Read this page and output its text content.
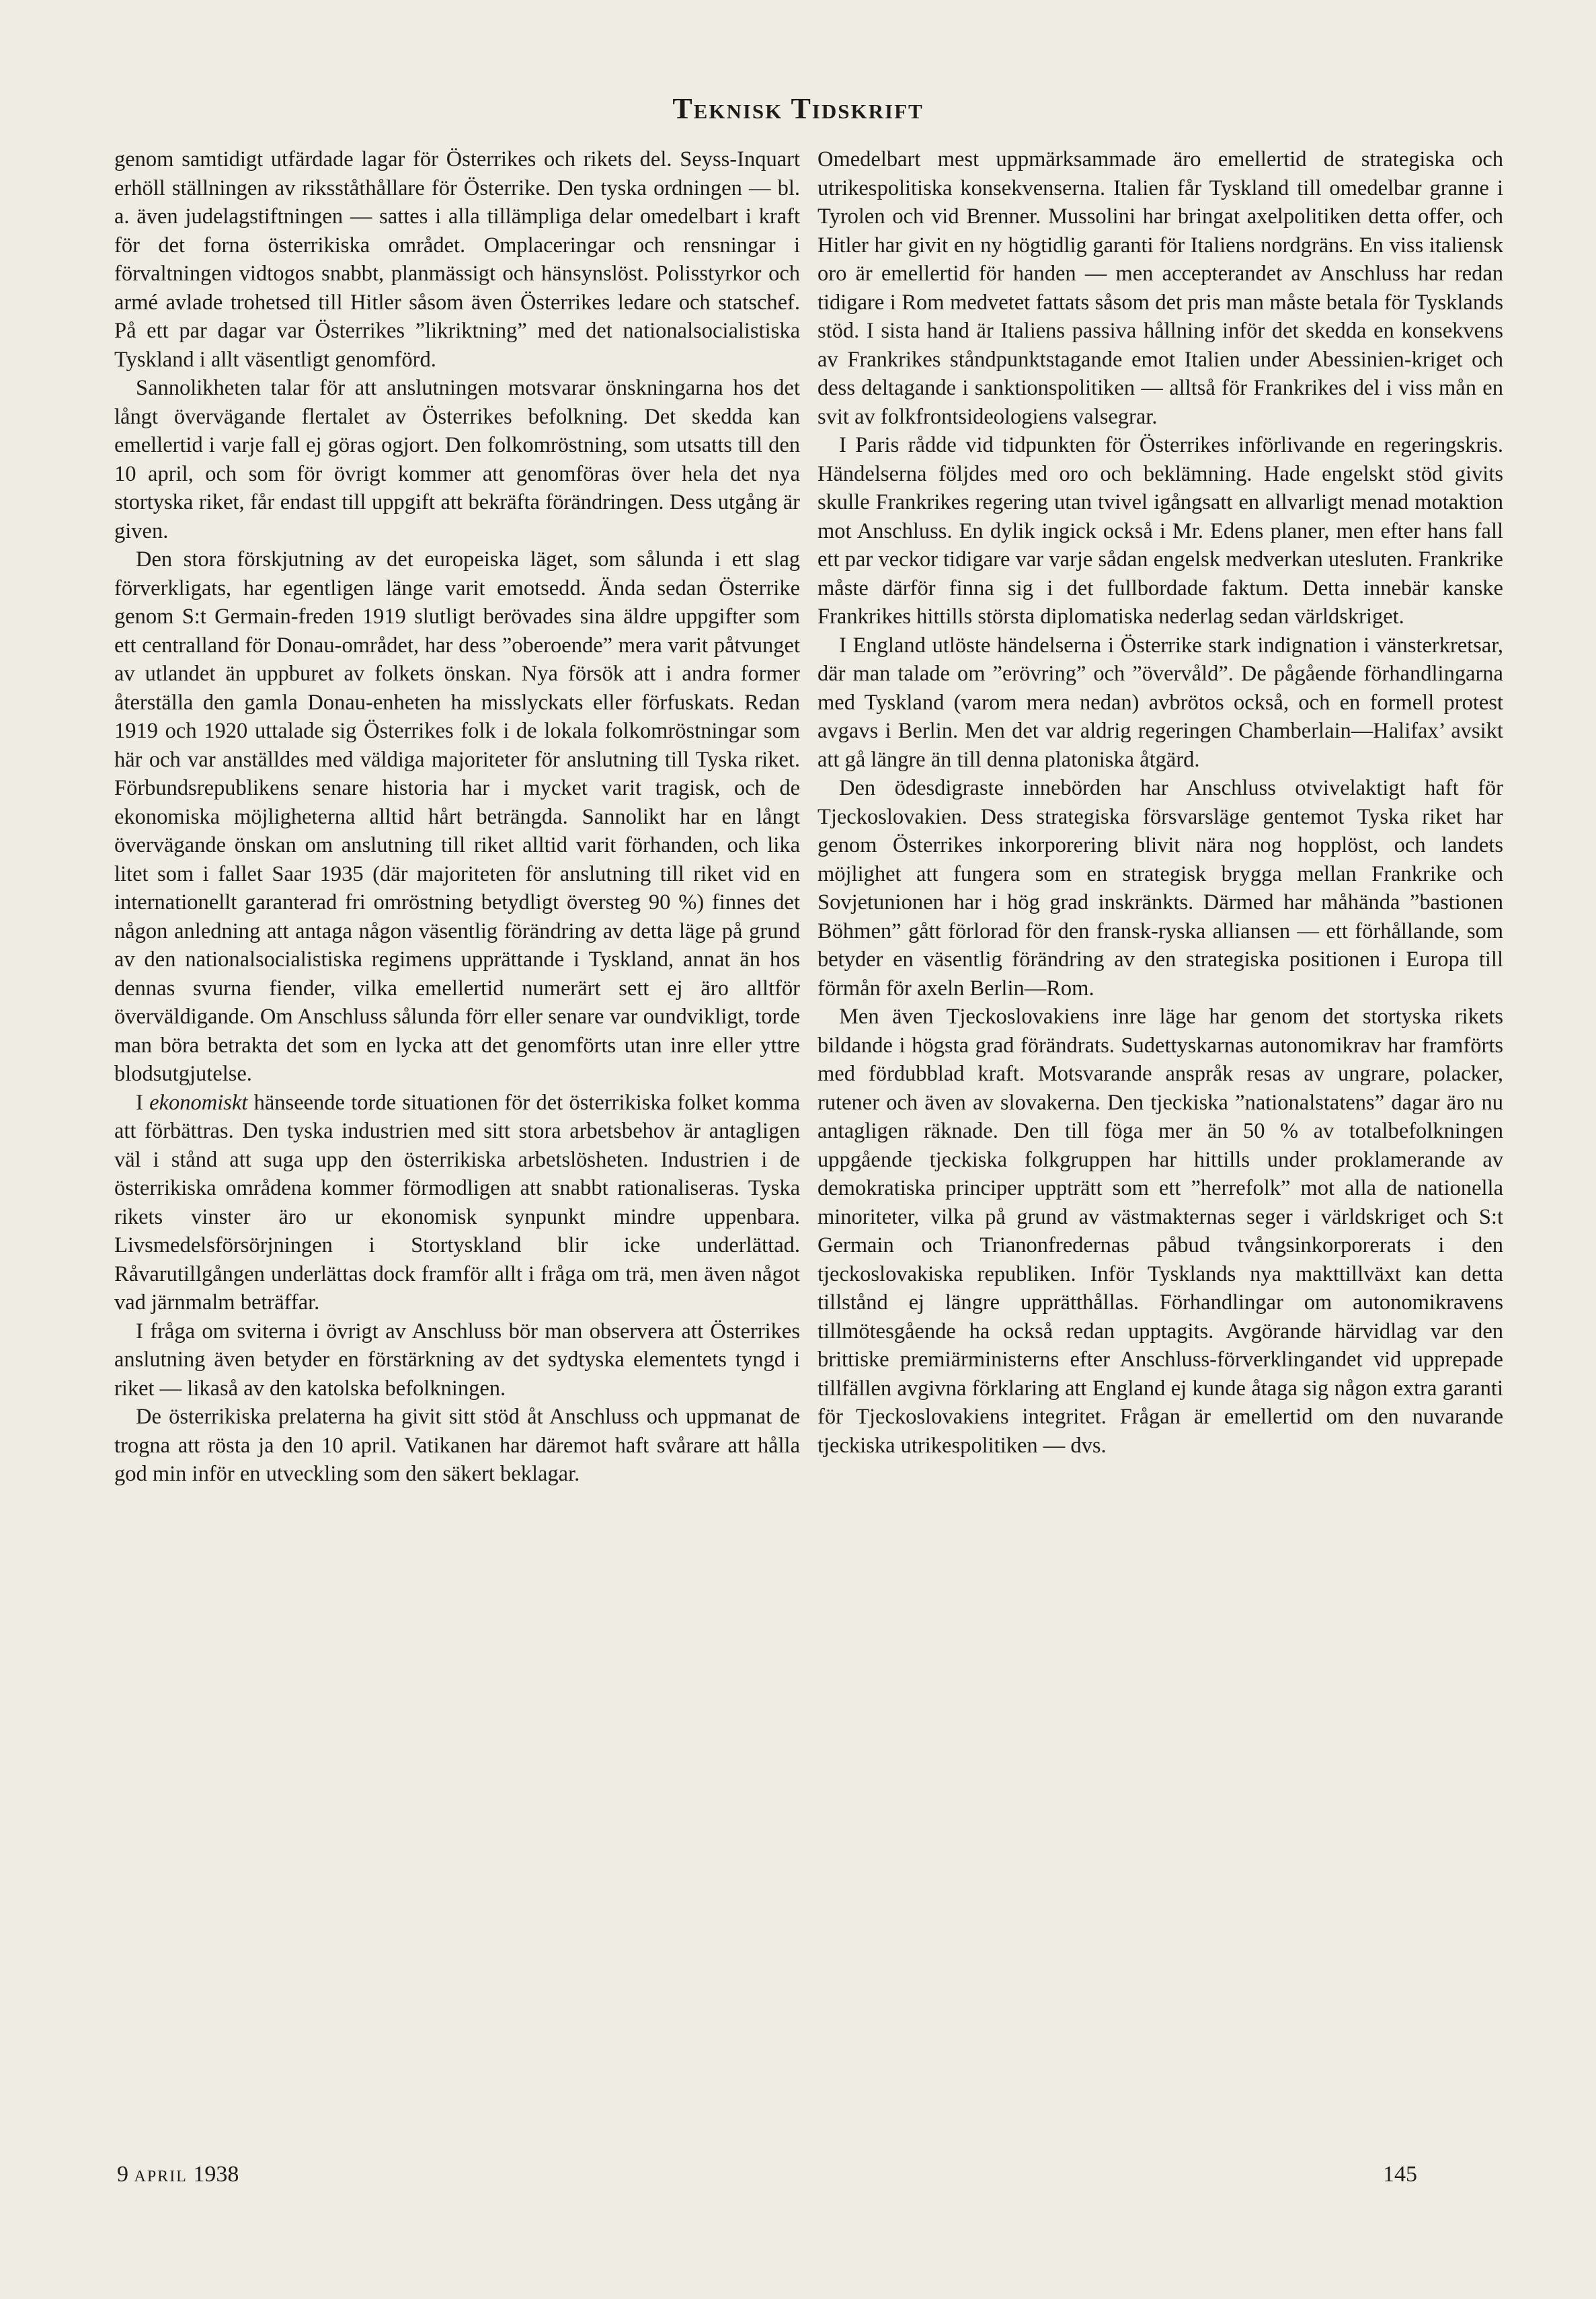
Teknisk Tidskrift

genom samtidigt utfärdade lagar för Österrikes och rikets del. Seyss-Inquart erhöll ställningen av riksståthållare för Österrike. Den tyska ordningen — bl. a. även judelagstiftningen — sattes i alla tillämpliga delar omedelbart i kraft för det forna österrikiska området. Omplaceringar och rensningar i förvaltningen vidtogos snabbt, planmässigt och hänsynslöst. Polisstyrkor och armé avlade trohetsed till Hitler såsom även Österrikes ledare och statschef. På ett par dagar var Österrikes ”likriktning” med det nationalsocialistiska Tyskland i allt väsentligt genomförd.

Sannolikheten talar för att anslutningen motsvarar önskningarna hos det långt övervägande flertalet av Österrikes befolkning. Det skedda kan emellertid i varje fall ej göras ogjort. Den folkomröstning, som utsatts till den 10 april, och som för övrigt kommer att genomföras över hela det nya stortyska riket, får endast till uppgift att bekräfta förändringen. Dess utgång är given.

Den stora förskjutning av det europeiska läget, som sålunda i ett slag förverkligats, har egentligen länge varit emotsedd. Ända sedan Österrike genom S:t Germain-freden 1919 slutligt berövades sina äldre uppgifter som ett centralland för Donau-området, har dess ”oberoende” mera varit påtvunget av utlandet än uppburet av folkets önskan. Nya försök att i andra former återställa den gamla Donau-enheten ha misslyckats eller förfuskats. Redan 1919 och 1920 uttalade sig Österrikes folk i de lokala folkomröstningar som här och var anställdes med väldiga majoriteter för anslutning till Tyska riket. Förbundsrepublikens senare historia har i mycket varit tragisk, och de ekonomiska möjligheterna alltid hårt beträngda. Sannolikt har en långt övervägande önskan om anslutning till riket alltid varit förhanden, och lika litet som i fallet Saar 1935 (där majoriteten för anslutning till riket vid en internationellt garanterad fri omröstning betydligt översteg 90 %) finnes det någon anledning att antaga någon väsentlig förändring av detta läge på grund av den nationalsocialistiska regimens upprättande i Tyskland, annat än hos dennas svurna fiender, vilka emellertid numerärt sett ej äro alltför överväldigande. Om Anschluss sålunda förr eller senare var oundvikligt, torde man böra betrakta det som en lycka att det genomförts utan inre eller yttre blodsutgjutelse.

I ekonomiskt hänseende torde situationen för det österrikiska folket komma att förbättras. Den tyska industrien med sitt stora arbetsbehov är antagligen väl i stånd att suga upp den österrikiska arbetslösheten. Industrien i de österrikiska områdena kommer förmodligen att snabbt rationaliseras. Tyska rikets vinster äro ur ekonomisk synpunkt mindre uppenbara. Livsmedelsförsörjningen i Stortyskland blir icke underlättad. Råvarutillgången underlättas dock framför allt i fråga om trä, men även något vad järnmalm beträffar.

I fråga om sviterna i övrigt av Anschluss bör man observera att Österrikes anslutning även betyder en förstärkning av det sydtyska elementets tyngd i riket — likaså av den katolska befolkningen.

De österrikiska prelaterna ha givit sitt stöd åt Anschluss och uppmanat de trogna att rösta ja den 10 april. Vatikanen har däremot haft svårare att hålla god min inför en utveckling som den säkert beklagar.

Omedelbart mest uppmärksammade äro emellertid de strategiska och utrikespolitiska konsekvenserna. Italien får Tyskland till omedelbar granne i Tyrolen och vid Brenner. Mussolini har bringat axelpolitiken detta offer, och Hitler har givit en ny högtidlig garanti för Italiens nordgräns. En viss italiensk oro är emellertid för handen — men accepterandet av Anschluss har redan tidigare i Rom medvetet fattats såsom det pris man måste betala för Tysklands stöd. I sista hand är Italiens passiva hållning inför det skedda en konsekvens av Frankrikes ståndpunktstagande emot Italien under Abessinien-kriget och dess deltagande i sanktionspolitiken — alltså för Frankrikes del i viss mån en svit av folkfrontsideologiens valsegrar.

I Paris rådde vid tidpunkten för Österrikes införlivande en regeringskris. Händelserna följdes med oro och beklämning. Hade engelskt stöd givits skulle Frankrikes regering utan tvivel igångsatt en allvarligt menad motaktion mot Anschluss. En dylik ingick också i Mr. Edens planer, men efter hans fall ett par veckor tidigare var varje sådan engelsk medverkan utesluten. Frankrike måste därför finna sig i det fullbordade faktum. Detta innebär kanske Frankrikes hittills största diplomatiska nederlag sedan världskriget.

I England utlöste händelserna i Österrike stark indignation i vänsterkretsar, där man talade om ”erövring” och ”övervåld”. De pågående förhandlingarna med Tyskland (varom mera nedan) avbrötos också, och en formell protest avgavs i Berlin. Men det var aldrig regeringen Chamberlain—Halifax’ avsikt att gå längre än till denna platoniska åtgärd.

Den ödesdigraste innebörden har Anschluss otvivelaktigt haft för Tjeckoslovakien. Dess strategiska försvarsläge gentemot Tyska riket har genom Österrikes inkorporering blivit nära nog hopplöst, och landets möjlighet att fungera som en strategisk brygga mellan Frankrike och Sovjetunionen har i hög grad inskränkts. Därmed har måhända ”bastionen Böhmen” gått förlorad för den fransk-ryska alliansen — ett förhållande, som betyder en väsentlig förändring av den strategiska positionen i Europa till förmån för axeln Berlin—Rom.

Men även Tjeckoslovakiens inre läge har genom det stortyska rikets bildande i högsta grad förändrats. Sudettyskarnas autonomikrav har framförts med fördubblad kraft. Motsvarande anspråk resas av ungrare, polacker, rutener och även av slovakerna. Den tjeckiska ”nationalstatens” dagar äro nu antagligen räknade. Den till föga mer än 50 % av totalbefolkningen uppgående tjeckiska folkgruppen har hittills under proklamerande av demokratiska principer uppträtt som ett ”herrefolk” mot alla de nationella minoriteter, vilka på grund av västmakternas seger i världskriget och S:t Germain och Trianonfredernas påbud tvångsinkorporerats i den tjeckoslovakiska republiken. Inför Tysklands nya makttillväxt kan detta tillstånd ej längre upprätthållas. Förhandlingar om autonomikravens tillmötesgående ha också redan upptagits. Avgörande härvidlag var den brittiske premiärministerns efter Anschluss-förverklingandet vid upprepade tillfällen avgivna förklaring att England ej kunde åtaga sig någon extra garanti för Tjeckoslovakiens integritet. Frågan är emellertid om den nuvarande tjeckiska utrikespolitiken — dvs.

9 april 1938	145
